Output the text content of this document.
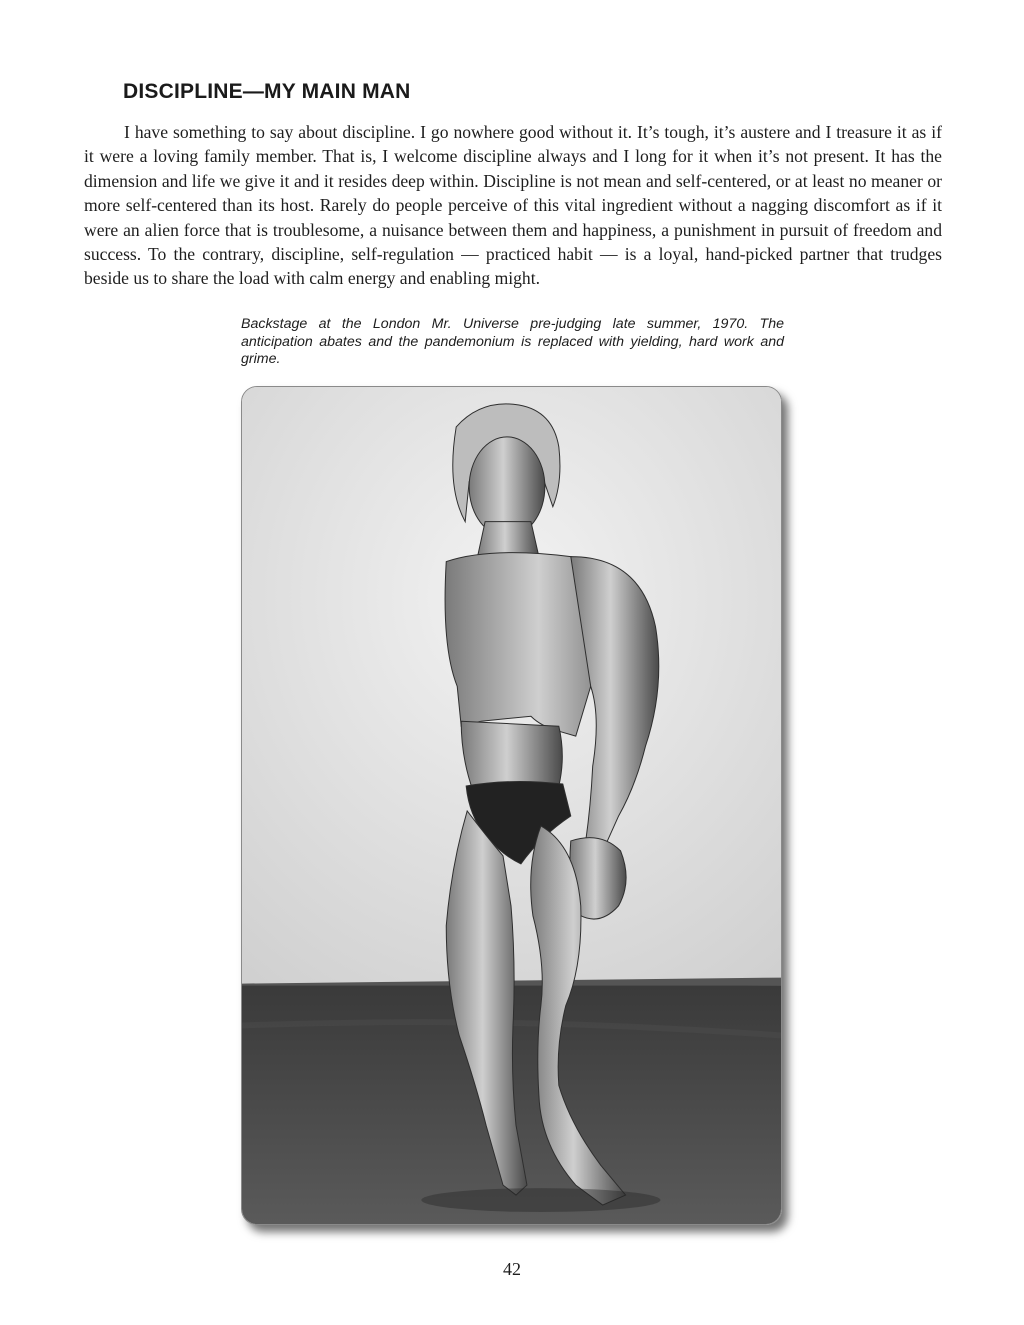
DISCIPLINE—MY MAIN MAN

I have something to say about discipline. I go nowhere good without it. It’s tough, it’s austere and I treasure it as if it were a loving family member. That is, I welcome discipline always and I long for it when it’s not present. It has the dimension and life we give it and it resides deep within. Discipline is not mean and self-centered, or at least no meaner or more self-centered than its host. Rarely do people perceive of this vital ingredient without a nagging discomfort as if it were an alien force that is troublesome, a nuisance between them and happiness, a punishment in pursuit of freedom and success. To the contrary, discipline, self-regulation — practiced habit — is a loyal, hand-picked partner that trudges beside us to share the load with calm energy and enabling might.

Backstage at the London Mr. Universe pre-judging late summer, 1970. The anticipation abates and the pandemonium is replaced with yielding, hard work and grime.

42
